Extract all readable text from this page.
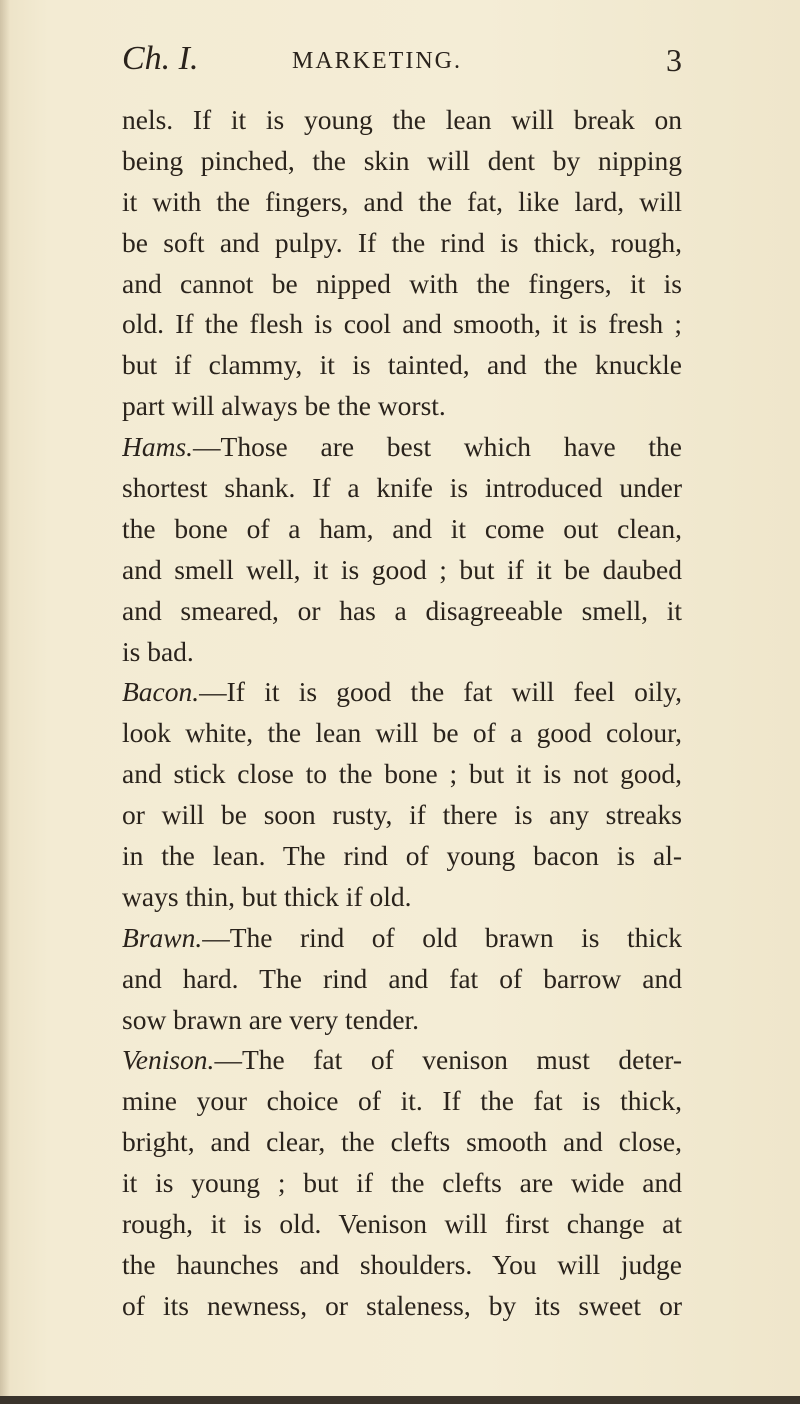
Ch. I.	MARKETING.	3
nels. If it is young the lean will break on
being pinched, the skin will dent by nipping
it with the fingers, and the fat, like lard, will
be soft and pulpy. If the rind is thick, rough,
and cannot be nipped with the fingers, it is
old. If the flesh is cool and smooth, it is fresh ;
but if clammy, it is tainted, and the knuckle
part will always be the worst.
Hams.—Those are best which have the
shortest shank. If a knife is introduced under
the bone of a ham, and it come out clean,
and smell well, it is good ; but if it be daubed
and smeared, or has a disagreeable smell, it
is bad.
Bacon.—If it is good the fat will feel oily,
look white, the lean will be of a good colour,
and stick close to the bone ; but it is not good,
or will be soon rusty, if there is any streaks
in the lean. The rind of young bacon is al-
ways thin, but thick if old.
Brawn.—The rind of old brawn is thick
and hard. The rind and fat of barrow and
sow brawn are very tender.
Venison.—The fat of venison must deter-
mine your choice of it. If the fat is thick,
bright, and clear, the clefts smooth and close,
it is young ; but if the clefts are wide and
rough, it is old. Venison will first change at
the haunches and shoulders. You will judge
of its newness, or staleness, by its sweet or
